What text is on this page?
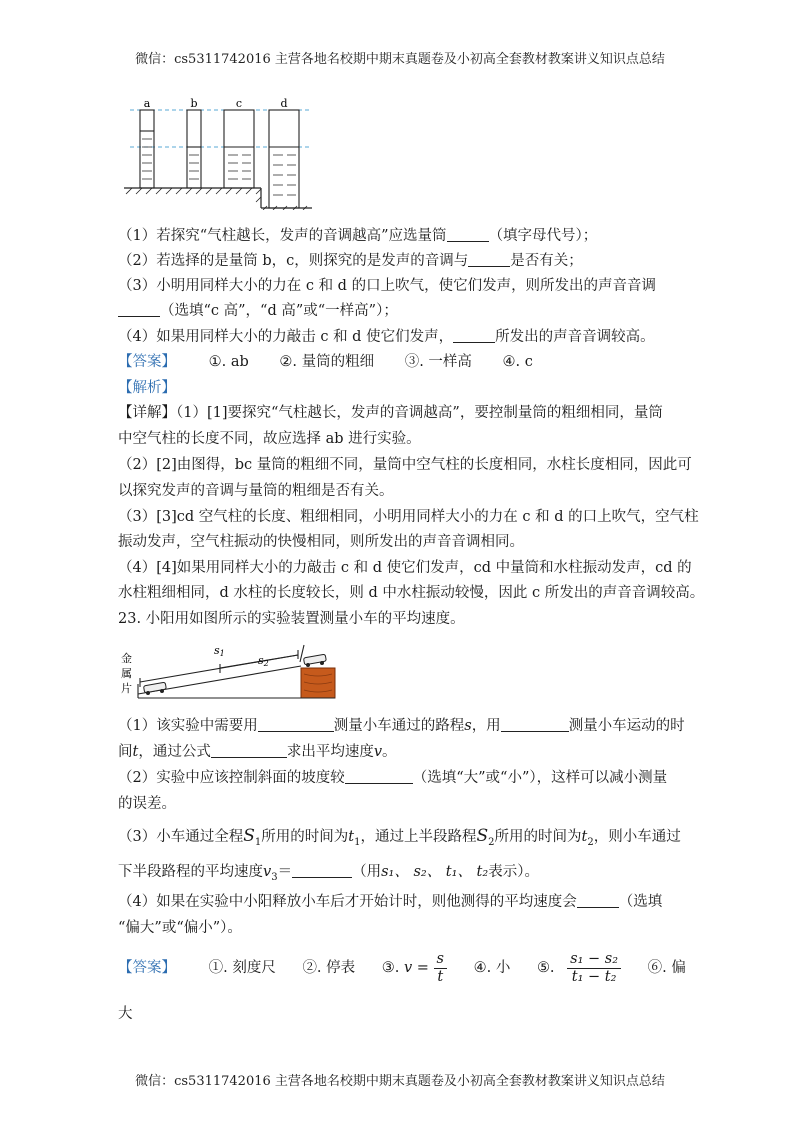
微信：cs5311742016 主营各地名校期中期末真题卷及小初高全套教材教案讲义知识点总结
a	b	c	d
（1）若探究“气柱越长，发声的音调越高”应选量筒	（填字母代号）；
（2）若选择的是量筒 b，c，则探究的是发声的音调与	是否有关；
（3）小明用同样大小的力在 c 和 d 的口上吹气，使它们发声，则所发出的声音音调
（选填“c 高”，“d 高”或“一样高”）；
（4）如果用同样大小的力敲击 c 和 d 使它们发声，	所发出的声音音调较高。
【答案】 ①. ab ②. 量筒的粗细 ③. 一样高 ④. c
【解析】
【详解】（1）[1]要探究“气柱越长，发声的音调越高”，要控制量筒的粗细相同，量筒
中空气柱的长度不同，故应选择 ab 进行实验。
（2）[2]由图得，bc 量筒的粗细不同，量筒中空气柱的长度相同，水柱长度相同，因此可
以探究发声的音调与量筒的粗细是否有关。
（3）[3]cd 空气柱的长度、粗细相同，小明用同样大小的力在 c 和 d 的口上吹气，空气柱
振动发声，空气柱振动的快慢相同，则所发出的声音音调相同。
（4）[4]如果用同样大小的力敲击 c 和 d 使它们发声，cd 中量筒和水柱振动发声，cd 的
水柱粗细相同，d 水柱的长度较长，则 d 中水柱振动较慢，因此 c 所发出的声音音调较高。
23. 小阳用如图所示的实验装置测量小车的平均速度。
金
属
片
s1
s2
（1）该实验中需要用	测量小车通过的路程s，用	测量小车运动的时
间t，通过公式	求出平均速度v。
（2）实验中应该控制斜面的坡度较	（选填“大”或“小”），这样可以减小测量
的误差。
（3）小车通过全程$S_1$所用的时间为$t_1$，通过上半段路程$S_2$所用的时间为$t_2$，则小车通过
下半段路程的平均速度$v_3=$	（用s₁、 s₂、 t₁、 t₂表示）。
（4）如果在实验中小阳释放小车后才开始计时，则他测得的平均速度会	（选填
“偏大”或“偏小”）。
【答案】 ①. 刻度尺 ②. 停表 ③. $v = \frac{s}{t}$ ④. 小 ⑤. $\frac{\text{s₁ − s₂}}{\text{t₁ − t₂}}$ ⑥. 偏
大
微信：cs5311742016 主营各地名校期中期末真题卷及小初高全套教材教案讲义知识点总结
